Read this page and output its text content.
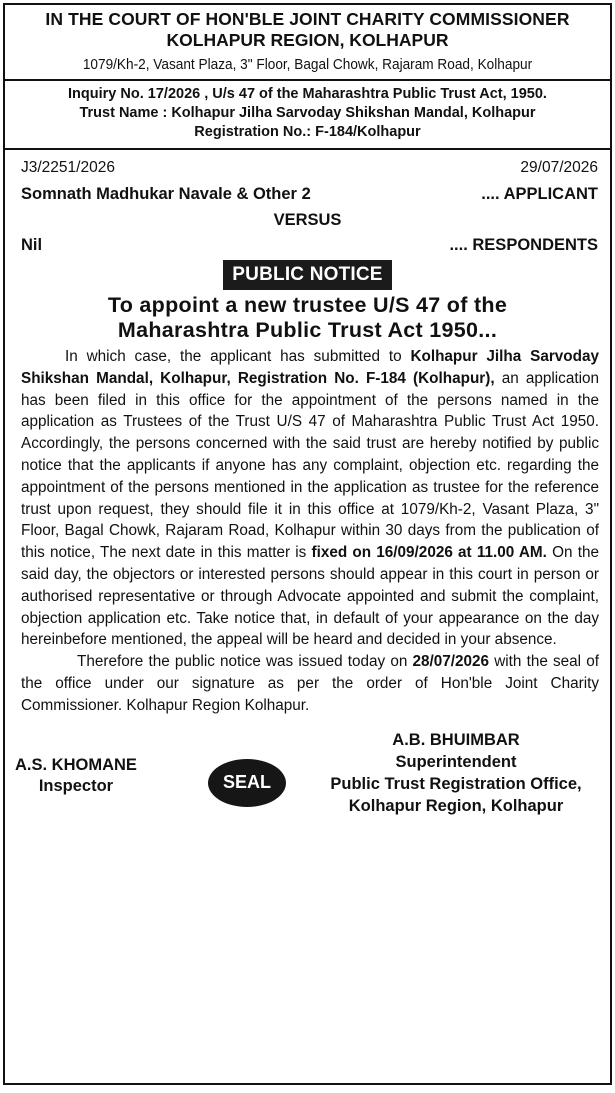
IN THE COURT OF HON'BLE JOINT CHARITY COMMISSIONER
KOLHAPUR REGION, KOLHAPUR
1079/Kh-2, Vasant Plaza, 3" Floor, Bagal Chowk, Rajaram Road, Kolhapur
Inquiry No. 17/2026 , U/s 47 of the Maharashtra Public Trust Act, 1950.
Trust Name : Kolhapur Jilha Sarvoday Shikshan Mandal, Kolhapur
Registration No.: F-184/Kolhapur
J3/2251/2026	29/07/2026
Somnath Madhukar Navale & Other 2	.... APPLICANT
VERSUS
Nil	.... RESPONDENTS
PUBLIC NOTICE
To appoint a new trustee U/S 47 of the
Maharashtra Public Trust Act 1950...

In which case, the applicant has submitted to Kolhapur Jilha Sarvoday Shikshan Mandal, Kolhapur, Registration No. F-184 (Kolhapur), an application has been filed in this office for the appointment of the persons named in the application as Trustees of the Trust U/S 47 of Maharashtra Public Trust Act 1950. Accordingly, the persons concerned with the said trust are hereby notified by public notice that the applicants if anyone has any complaint, objection etc. regarding the appointment of the persons mentioned in the application as trustee for the reference trust upon request, they should file it in this office at 1079/Kh-2, Vasant Plaza, 3" Floor, Bagal Chowk, Rajaram Road, Kolhapur within 30 days from the publication of this notice, The next date in this matter is fixed on 16/09/2026 at 11.00 AM. On the said day, the objectors or interested persons should appear in this court in person or authorised representative or through Advocate appointed and submit the complaint, objection application etc. Take notice that, in default of your appearance on the day hereinbefore mentioned, the appeal will be heard and decided in your absence.

Therefore the public notice was issued today on 28/07/2026 with the seal of the office under our signature as per the order of Hon'ble Joint Charity Commissioner. Kolhapur Region Kolhapur.

A.S. KHOMANE
Inspector	SEAL
A.B. BHUIMBAR
Superintendent
Public Trust Registration Office,
Kolhapur Region, Kolhapur
